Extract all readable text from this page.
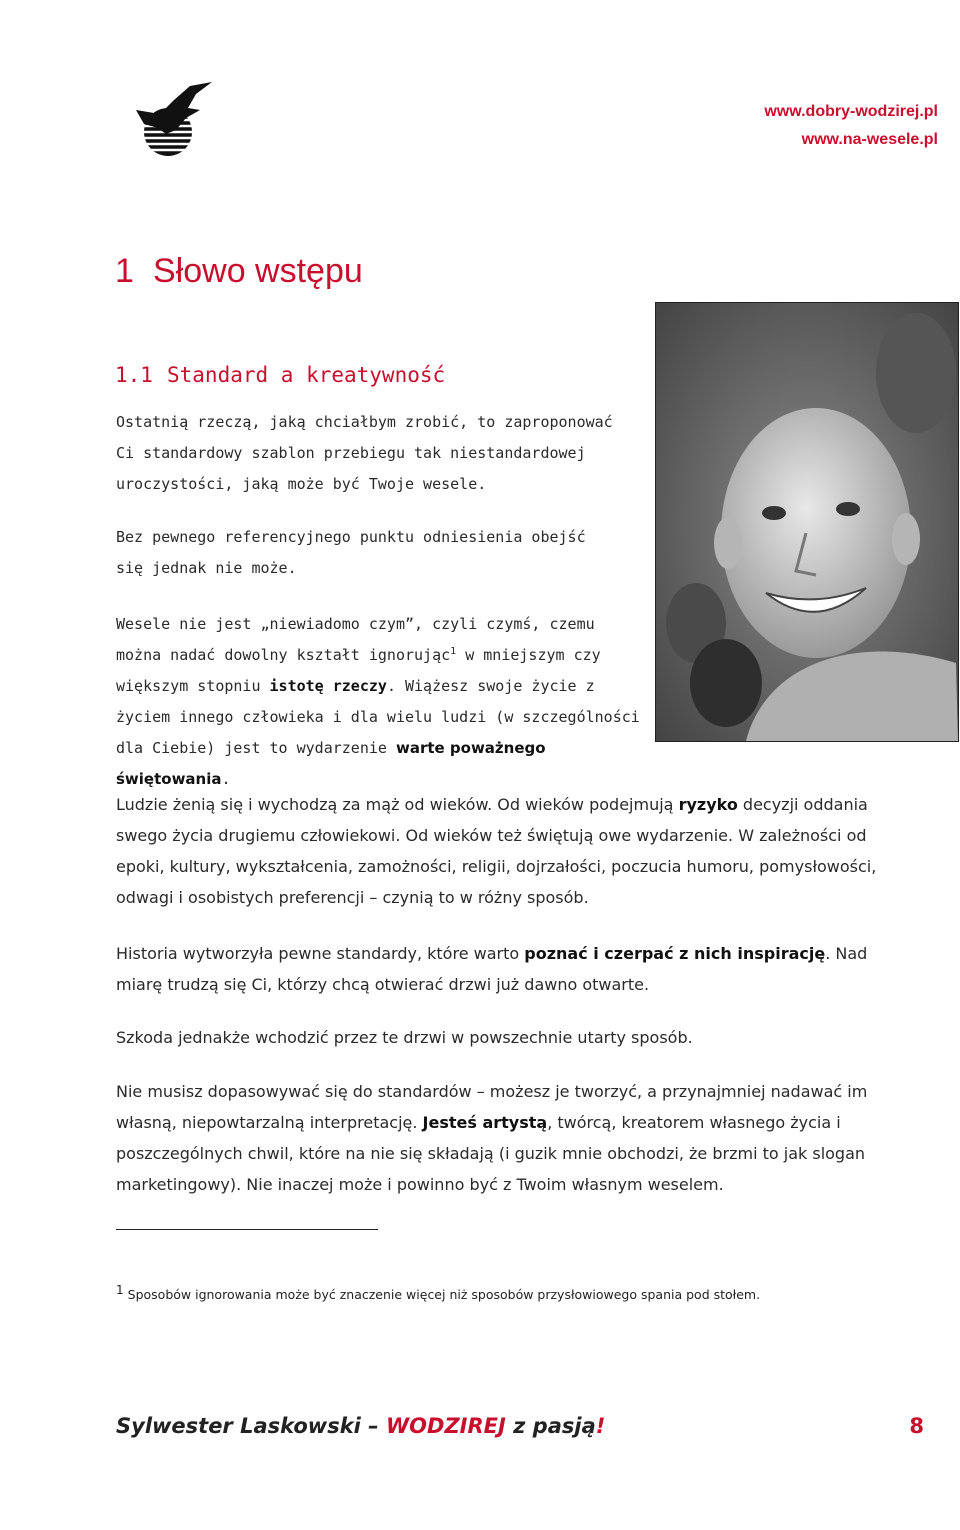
www.dobry-wodzirej.pl
www.na-wesele.pl
1 Słowo wstępu
1.1 Standard a kreatywność
Ostatnią rzeczą, jaką chciałbym zrobić, to zaproponować Ci standardowy szablon przebiegu tak niestandardowej uroczystości, jaką może być Twoje wesele.
Bez pewnego referencyjnego punktu odniesienia obejść się jednak nie może.
Wesele nie jest „niewiadomo czym”, czyli czymś, czemu można nadać dowolny kształt ignorując$^1$ w mniejszym czy większym stopniu istotę rzeczy. Wiążesz swoje życie z życiem innego człowieka i dla wielu ludzi (w szczególności dla Ciebie) jest to wydarzenie warte poważnego świętowania.
Ludzie żenią się i wychodzą za mąż od wieków. Od wieków podejmują ryzyko decyzji oddania swego życia drugiemu człowiekowi. Od wieków też świętują owe wydarzenie. W zależności od epoki, kultury, wykształcenia, zamożności, religii, dojrzałości, poczucia humoru, pomysłowości, odwagi i osobistych preferencji – czynią to w różny sposób.
Historia wytworzyła pewne standardy, które warto poznać i czerpać z nich inspirację. Nad miarę trudzą się Ci, którzy chcą otwierać drzwi już dawno otwarte.
Szkoda jednakże wchodzić przez te drzwi w powszechnie utarty sposób.
Nie musisz dopasowywać się do standardów – możesz je tworzyć, a przynajmniej nadawać im własną, niepowtarzalną interpretację. Jesteś artystą, twórcą, kreatorem własnego życia i poszczególnych chwil, które na nie się składają (i guzik mnie obchodzi, że brzmi to jak slogan marketingowy). Nie inaczej może i powinno być z Twoim własnym weselem.
1 Sposobów ignorowania może być znaczenie więcej niż sposobów przysłowiowego spania pod stołem.
Sylwester Laskowski – WODZIREJ z pasją!	8
